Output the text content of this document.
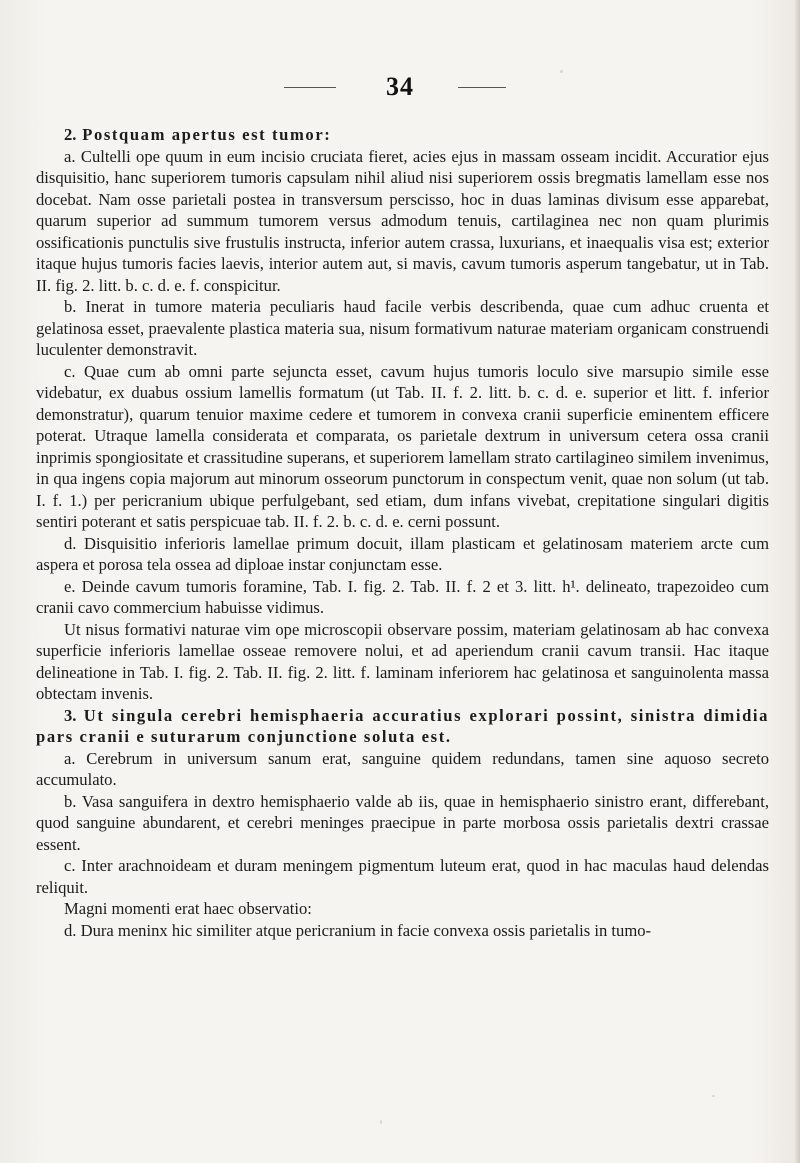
34

2. Postquam apertus est tumor:

a. Cultelli ope quum in eum incisio cruciata fieret, acies ejus in massam osseam incidit. Accuratior ejus disquisitio, hanc superiorem tumoris capsulam nihil aliud nisi superiorem ossis bregmatis lamellam esse nos docebat. Nam osse parietali postea in transversum perscisso, hoc in duas laminas divisum esse apparebat, quarum superior ad summum tumorem versus admodum tenuis, cartilaginea nec non quam plurimis ossificationis punctulis sive frustulis instructa, inferior autem crassa, luxurians, et inaequalis visa est; exterior itaque hujus tumoris facies laevis, interior autem aut, si mavis, cavum tumoris asperum tangebatur, ut in Tab. II. fig. 2. litt. b. c. d. e. f. conspicitur.

b. Inerat in tumore materia peculiaris haud facile verbis describenda, quae cum adhuc cruenta et gelatinosa esset, praevalente plastica materia sua, nisum formativum naturae materiam organicam construendi luculenter demonstravit.

c. Quae cum ab omni parte sejuncta esset, cavum hujus tumoris loculo sive marsupio simile esse videbatur, ex duabus ossium lamellis formatum (ut Tab. II. f. 2. litt. b. c. d. e. superior et litt. f. inferior demonstratur), quarum tenuior maxime cedere et tumorem in convexa cranii superficie eminentem efficere poterat. Utraque lamella considerata et comparata, os parietale dextrum in universum cetera ossa cranii inprimis spongiositate et crassitudine superans, et superiorem lamellam strato cartilagineo similem invenimus, in qua ingens copia majorum aut minorum osseorum punctorum in conspectum venit, quae non solum (ut tab. I. f. 1.) per pericranium ubique perfulgebant, sed etiam, dum infans vivebat, crepitatione singulari digitis sentiri poterant et satis perspicuae tab. II. f. 2. b. c. d. e. cerni possunt.

d. Disquisitio inferioris lamellae primum docuit, illam plasticam et gelatinosam materiem arcte cum aspera et porosa tela ossea ad diploae instar conjunctam esse.

e. Deinde cavum tumoris foramine, Tab. I. fig. 2. Tab. II. f. 2 et 3. litt. h¹. delineato, trapezoideo cum cranii cavo commercium habuisse vidimus.

Ut nisus formativi naturae vim ope microscopii observare possim, materiam gelatinosam ab hac convexa superficie inferioris lamellae osseae removere nolui, et ad aperiendum cranii cavum transii. Hac itaque delineatione in Tab. I. fig. 2. Tab. II. fig. 2. litt. f. laminam inferiorem hac gelatinosa et sanguinolenta massa obtectam invenis.

3. Ut singula cerebri hemisphaeria accuratius explorari possint, sinistra dimidia pars cranii e suturarum conjunctione soluta est.

a. Cerebrum in universum sanum erat, sanguine quidem redundans, tamen sine aquoso secreto accumulato.

b. Vasa sanguifera in dextro hemisphaerio valde ab iis, quae in hemisphaerio sinistro erant, differebant, quod sanguine abundarent, et cerebri meninges praecipue in parte morbosa ossis parietalis dextri crassae essent.

c. Inter arachnoideam et duram meningem pigmentum luteum erat, quod in hac maculas haud delendas reliquit.

Magni momenti erat haec observatio:

d. Dura meninx hic similiter atque pericranium in facie convexa ossis parietalis in tumo-
